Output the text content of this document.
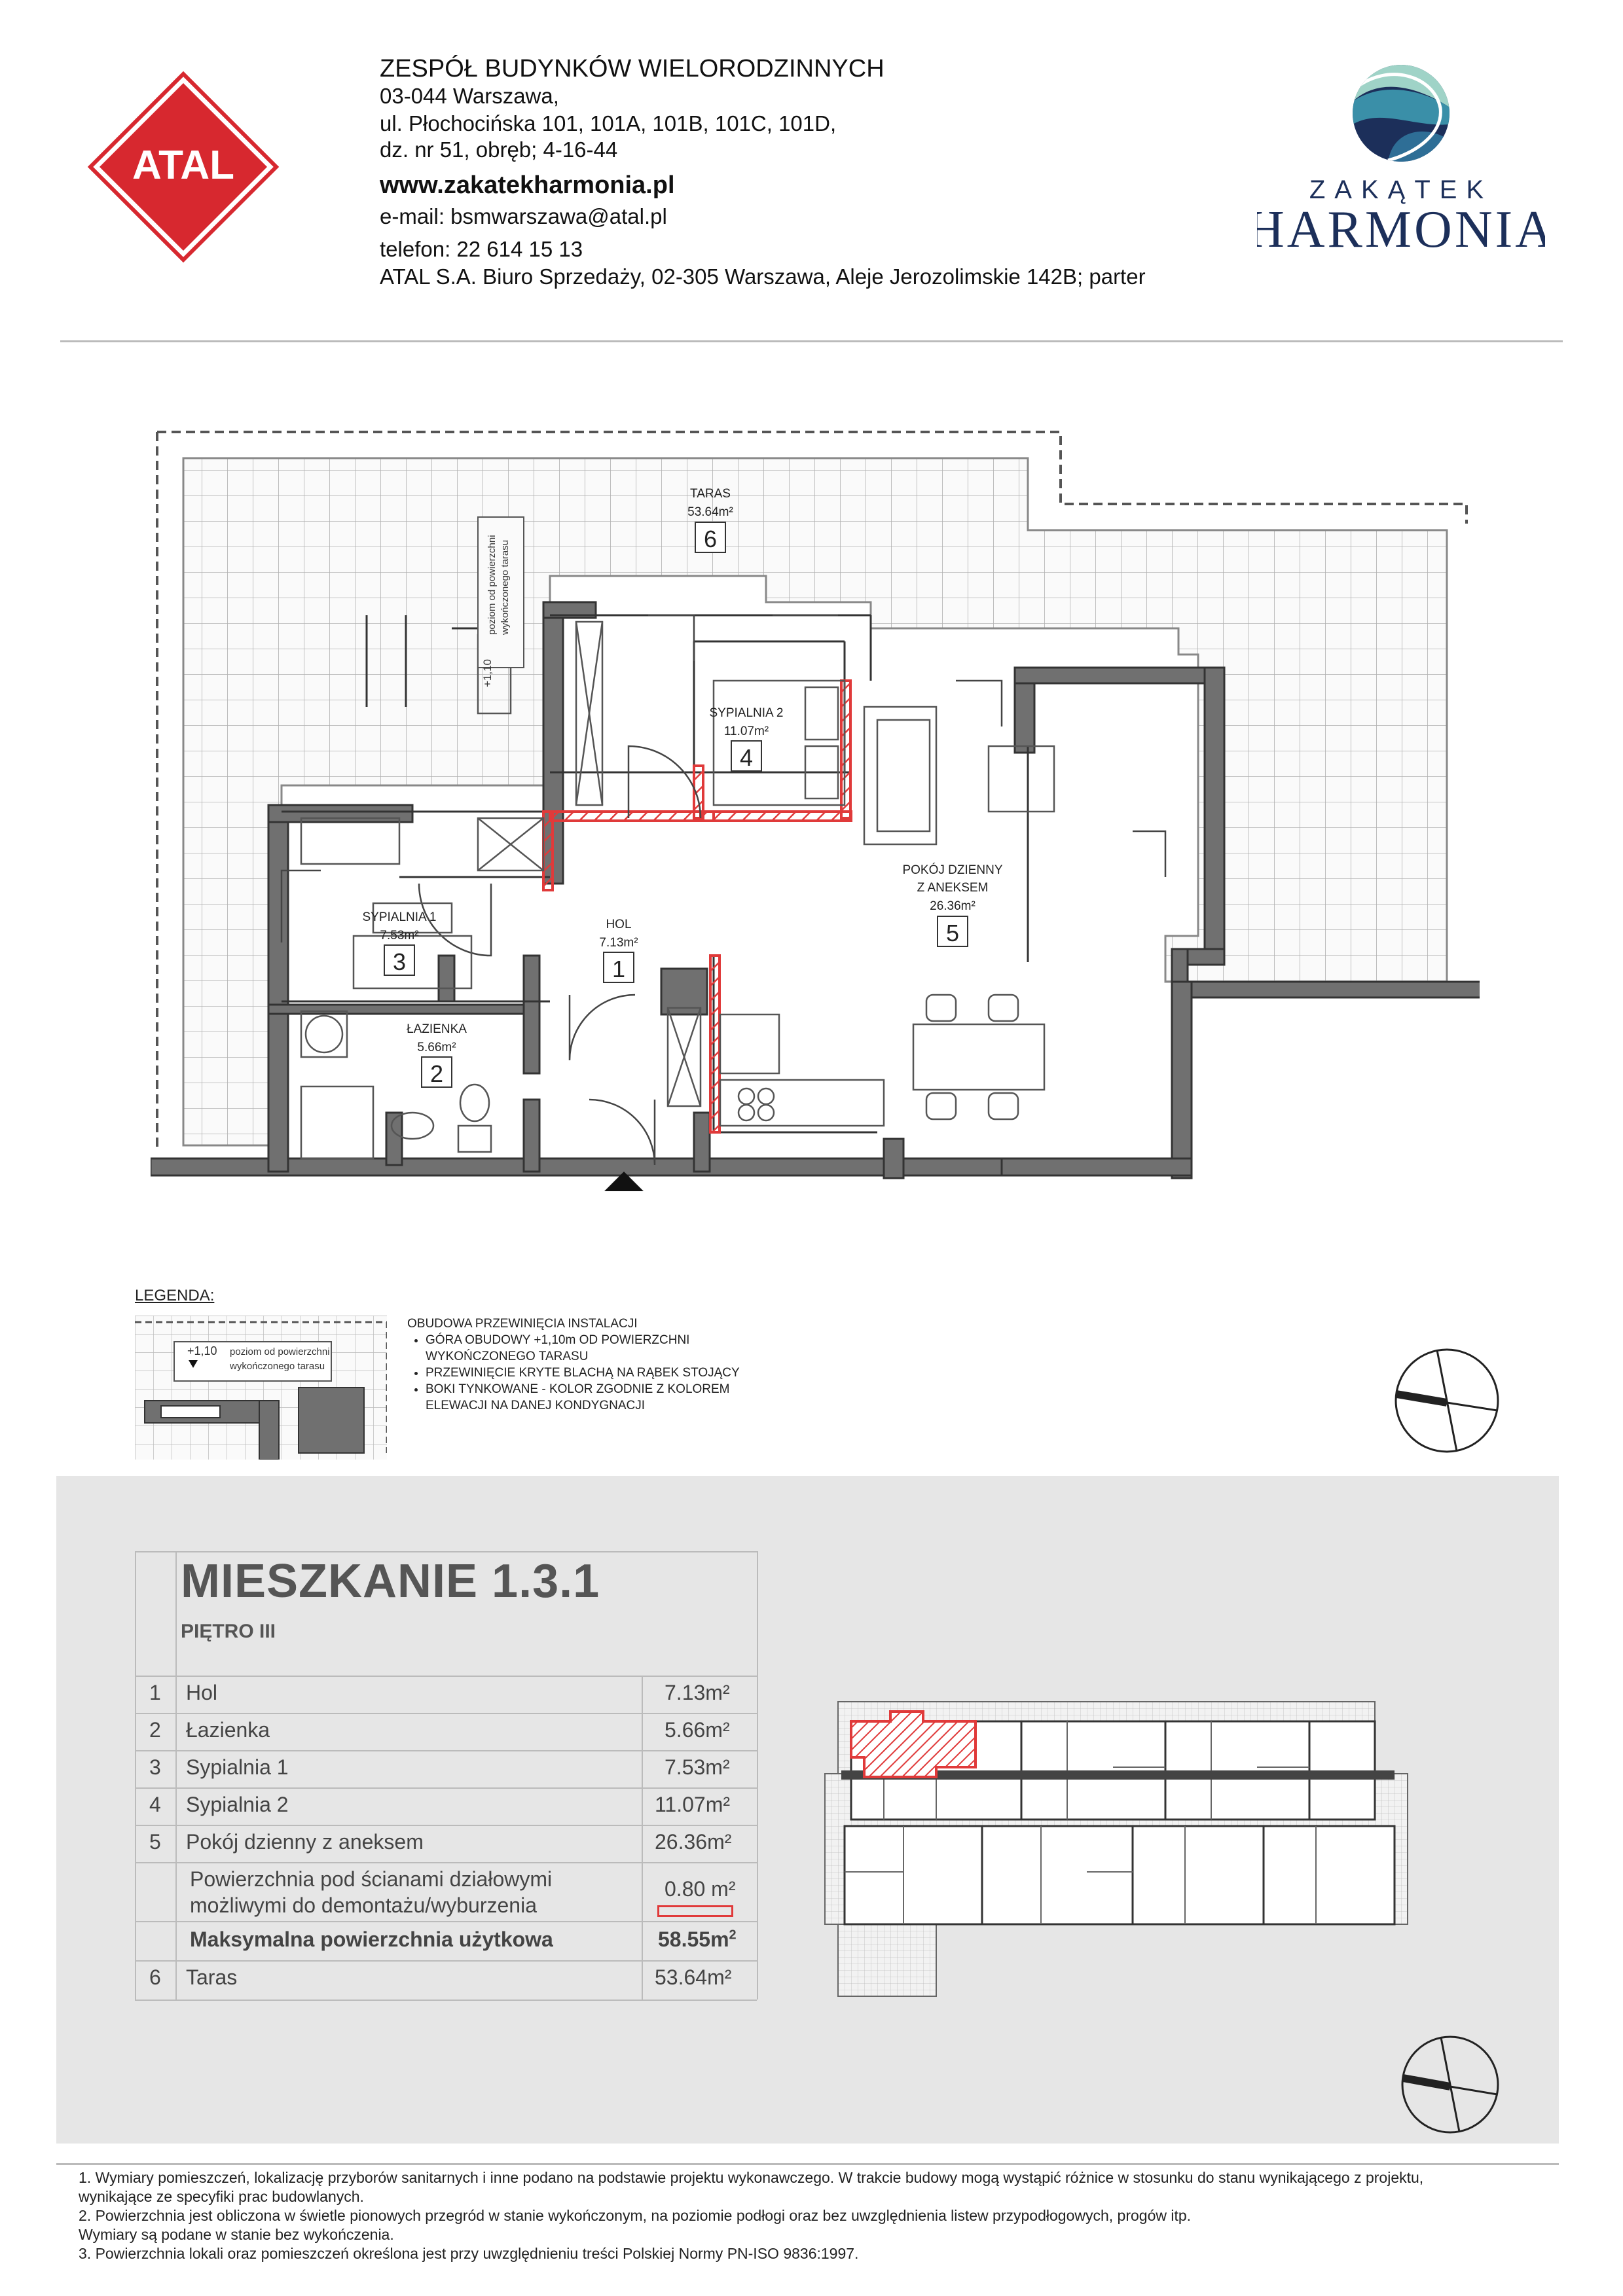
ATAL
ZESPÓŁ BUDYNKÓW WIELORODZINNYCH
03-044 Warszawa,
ul. Płochocińska 101, 101A, 101B, 101C, 101D,
dz. nr 51, obręb; 4-16-44
www.zakatekharmonia.pl
e-mail: bsmwarszawa@atal.pl
telefon: 22 614 15 13
ATAL S.A. Biuro Sprzedaży, 02-305 Warszawa, Aleje Jerozolimskie 142B; parter
ZAKĄTEK
HARMONIA
poziom od powierzchni wykończonego tarasu
+1,10
TARAS
53.64m²
6
SYPIALNIA 2
11.07m²
4
POKÓJ DZIENNY
Z ANEKSEM
26.36m²
5
SYPIALNIA 1
7.53m²
3
HOL
7.13m²
1
ŁAZIENKA
5.66m²
2
LEGENDA:
+1,10 poziom od powierzchni
wykończonego tarasu
OBUDOWA PRZEWINIĘCIA INSTALACJI
• GÓRA OBUDOWY +1,10m OD POWIERZCHNI WYKOŃCZONEGO TARASU
• PRZEWINIĘCIE KRYTE BLACHĄ NA RĄBEK STOJĄCY
• BOKI TYNKOWANE - KOLOR ZGODNIE Z KOLOREM ELEWACJI NA DANEJ KONDYGNACJI
MIESZKANIE 1.3.1
PIĘTRO III
1 Hol	7.13m²
2 Łazienka	5.66m²
3 Sypialnia 1	7.53m²
4 Sypialnia 2	11.07m²
5 Pokój dzienny z aneksem	26.36m²
Powierzchnia pod ścianami działowymi
możliwymi do demontażu/wyburzenia
0.80 m²
Maksymalna powierzchnia użytkowa	$58.55m^2$
6 Taras	53.64m²
1. Wymiary pomieszczeń, lokalizację przyborów sanitarnych i inne podano na podstawie projektu wykonawczego. W trakcie budowy mogą wystąpić różnice w stosunku do stanu wynikającego z projektu,
wynikające ze specyfiki prac budowlanych.
2. Powierzchnia jest obliczona w świetle pionowych przegród w stanie wykończonym, na poziomie podłogi oraz bez uwzględnienia listew przypodłogowych, progów itp.
Wymiary są podane w stanie bez wykończenia.
3. Powierzchnia lokali oraz pomieszczeń określona jest przy uwzględnieniu treści Polskiej Normy PN-ISO 9836:1997.
